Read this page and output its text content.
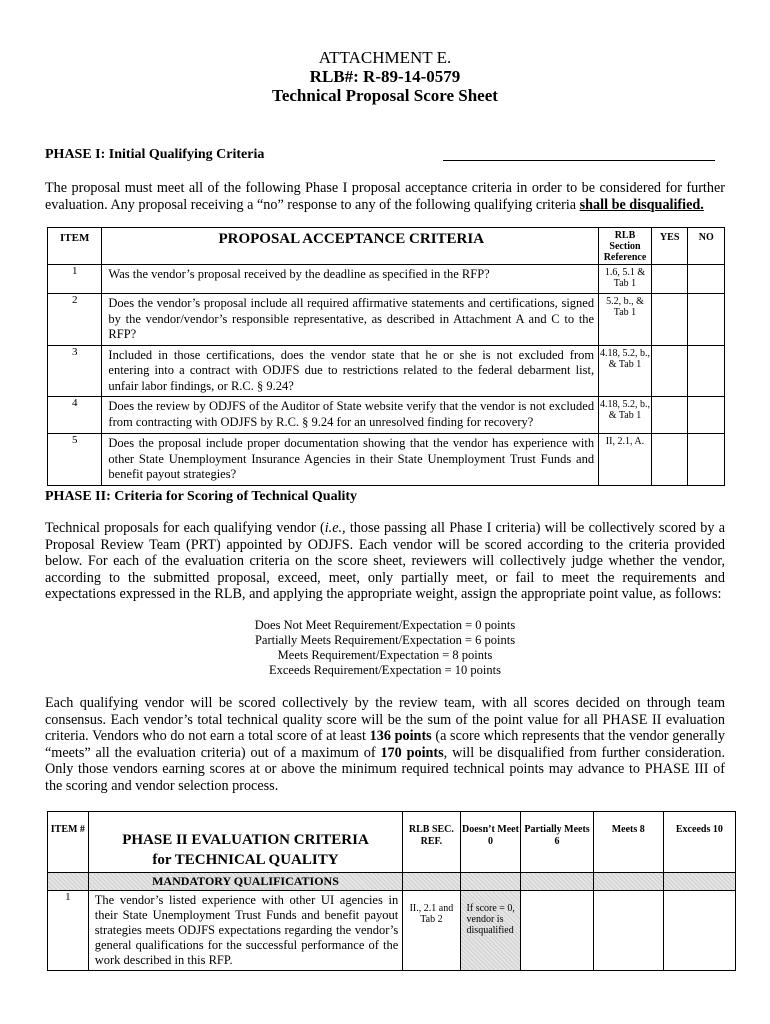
ATTACHMENT E.
RLB#: R-89-14-0579
Technical Proposal Score Sheet
PHASE I: Initial Qualifying Criteria
The proposal must meet all of the following Phase I proposal acceptance criteria in order to be considered for further evaluation. Any proposal receiving a “no” response to any of the following qualifying criteria shall be disqualified.
ITEM	PROPOSAL ACCEPTANCE CRITERIA	RLB Section Reference	YES	NO
1	Was the vendor’s proposal received by the deadline as specified in the RFP?	1.6, 5.1 & Tab 1		
2	Does the vendor’s proposal include all required affirmative statements and certifications, signed by the vendor/vendor’s responsible representative, as described in Attachment A and C to the RFP?	5.2, b., & Tab 1		
3	Included in those certifications, does the vendor state that he or she is not excluded from entering into a contract with ODJFS due to restrictions related to the federal debarment list, unfair labor findings, or R.C. § 9.24?	4.18, 5.2, b., & Tab 1		
4	Does the review by ODJFS of the Auditor of State website verify that the vendor is not excluded from contracting with ODJFS by R.C. § 9.24 for an unresolved finding for recovery?	4.18, 5.2, b., & Tab 1		
5	Does the proposal include proper documentation showing that the vendor has experience with other State Unemployment Insurance Agencies in their State Unemployment Trust Funds and benefit payout strategies?	II, 2.1, A.		
PHASE II: Criteria for Scoring of Technical Quality
Technical proposals for each qualifying vendor (i.e., those passing all Phase I criteria) will be collectively scored by a Proposal Review Team (PRT) appointed by ODJFS. Each vendor will be scored according to the criteria provided below. For each of the evaluation criteria on the score sheet, reviewers will collectively judge whether the vendor, according to the submitted proposal, exceed, meet, only partially meet, or fail to meet the requirements and expectations expressed in the RLB, and applying the appropriate weight, assign the appropriate point value, as follows:
Does Not Meet Requirement/Expectation = 0 points
Partially Meets Requirement/Expectation = 6 points
Meets Requirement/Expectation = 8 points
Exceeds Requirement/Expectation = 10 points
Each qualifying vendor will be scored collectively by the review team, with all scores decided on through team consensus. Each vendor’s total technical quality score will be the sum of the point value for all PHASE II evaluation criteria. Vendors who do not earn a total score of at least 136 points (a score which represents that the vendor generally “meets” all the evaluation criteria) out of a maximum of 170 points, will be disqualified from further consideration. Only those vendors earning scores at or above the minimum required technical points may advance to PHASE III of the scoring and vendor selection process.
ITEM #	PHASE II EVALUATION CRITERIA
for TECHNICAL QUALITY	RLB SEC. REF.	Doesn’t Meet 0	Partially Meets 6	Meets 8	Exceeds 10
	MANDATORY QUALIFICATIONS					
1	The vendor’s listed experience with other UI agencies in their State Unemployment Trust Funds and benefit payout strategies meets ODJFS expectations regarding the vendor’s general qualifications for the successful performance of the work described in this RFP.	II., 2.1 and Tab 2	If score = 0, vendor is disqualified			
